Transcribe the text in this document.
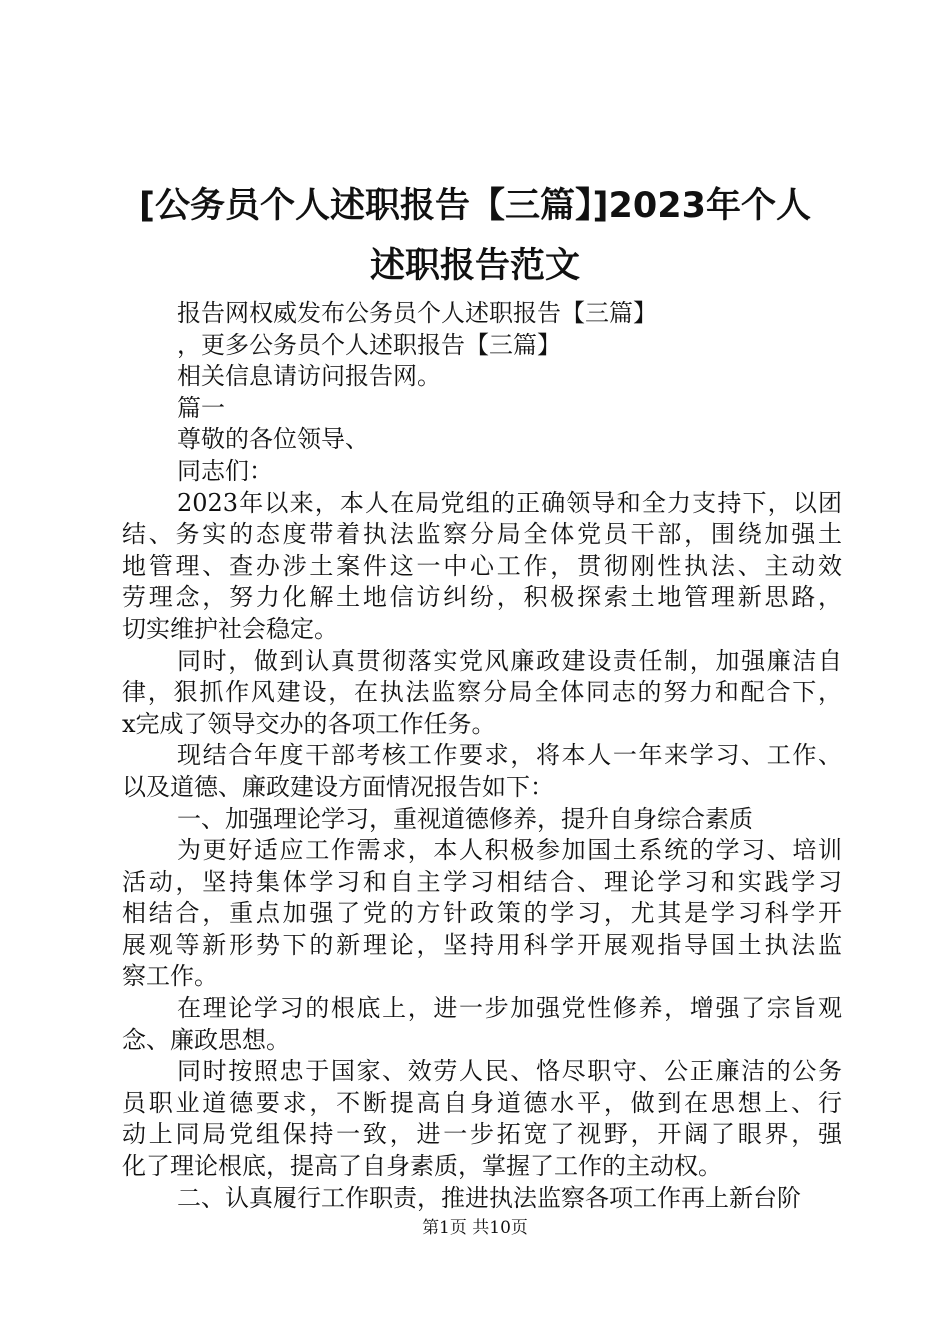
[公务员个人述职报告【三篇】]2023年个人
述职报告范文
报告网权威发布公务员个人述职报告【三篇】
，更多公务员个人述职报告【三篇】
相关信息请访问报告网。
篇一
尊敬的各位领导、
同志们：
2023年以来，本人在局党组的正确领导和全力支持下，以团
结、务实的态度带着执法监察分局全体党员干部，围绕加强土
地管理、查办涉土案件这一中心工作，贯彻刚性执法、主动效
劳理念，努力化解土地信访纠纷，积极探索土地管理新思路，
切实维护社会稳定。
同时，做到认真贯彻落实党风廉政建设责任制，加强廉洁自
律，狠抓作风建设，在执法监察分局全体同志的努力和配合下，
x完成了领导交办的各项工作任务。
现结合年度干部考核工作要求，将本人一年来学习、工作、
以及道德、廉政建设方面情况报告如下：
一、加强理论学习，重视道德修养，提升自身综合素质
为更好适应工作需求，本人积极参加国土系统的学习、培训
活动，坚持集体学习和自主学习相结合、理论学习和实践学习
相结合，重点加强了党的方针政策的学习，尤其是学习科学开
展观等新形势下的新理论，坚持用科学开展观指导国土执法监
察工作。
在理论学习的根底上，进一步加强党性修养，增强了宗旨观
念、廉政思想。
同时按照忠于国家、效劳人民、恪尽职守、公正廉洁的公务
员职业道德要求，不断提高自身道德水平，做到在思想上、行
动上同局党组保持一致，进一步拓宽了视野，开阔了眼界，强
化了理论根底，提高了自身素质，掌握了工作的主动权。
二、认真履行工作职责，推进执法监察各项工作再上新台阶
第1页 共10页
